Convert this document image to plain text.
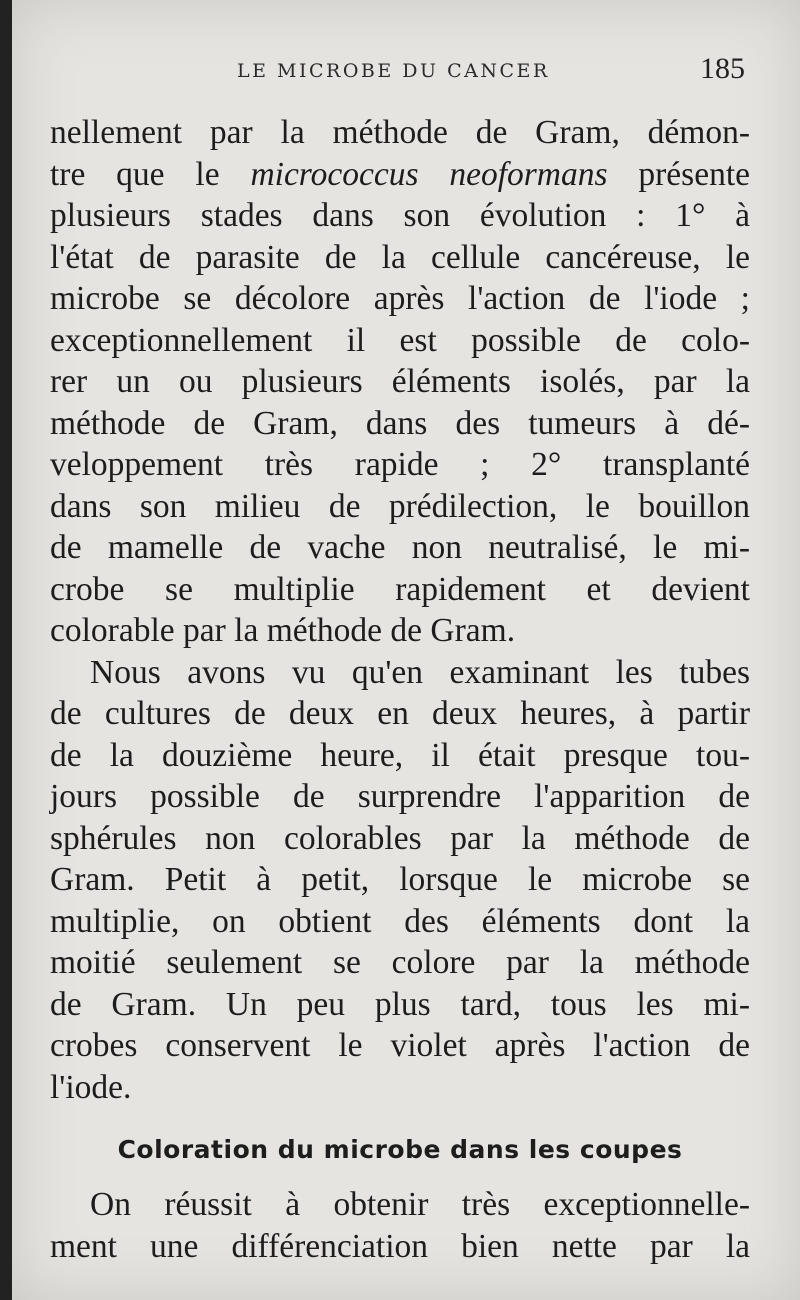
LE MICROBE DU CANCER	185
nellement par la méthode de Gram, démon-
tre que le micrococcus neoformans présente
plusieurs stades dans son évolution : 1° à
l'état de parasite de la cellule cancéreuse, le
microbe se décolore après l'action de l'iode ;
exceptionnellement il est possible de colo-
rer un ou plusieurs éléments isolés, par la
méthode de Gram, dans des tumeurs à dé-
veloppement très rapide ; 2° transplanté
dans son milieu de prédilection, le bouillon
de mamelle de vache non neutralisé, le mi-
crobe se multiplie rapidement et devient
colorable par la méthode de Gram.
Nous avons vu qu'en examinant les tubes
de cultures de deux en deux heures, à partir
de la douzième heure, il était presque tou-
jours possible de surprendre l'apparition de
sphérules non colorables par la méthode de
Gram. Petit à petit, lorsque le microbe se
multiplie, on obtient des éléments dont la
moitié seulement se colore par la méthode
de Gram. Un peu plus tard, tous les mi-
crobes conservent le violet après l'action de
l'iode.
Coloration du microbe dans les coupes
On réussit à obtenir très exceptionnelle-
ment une différenciation bien nette par la
